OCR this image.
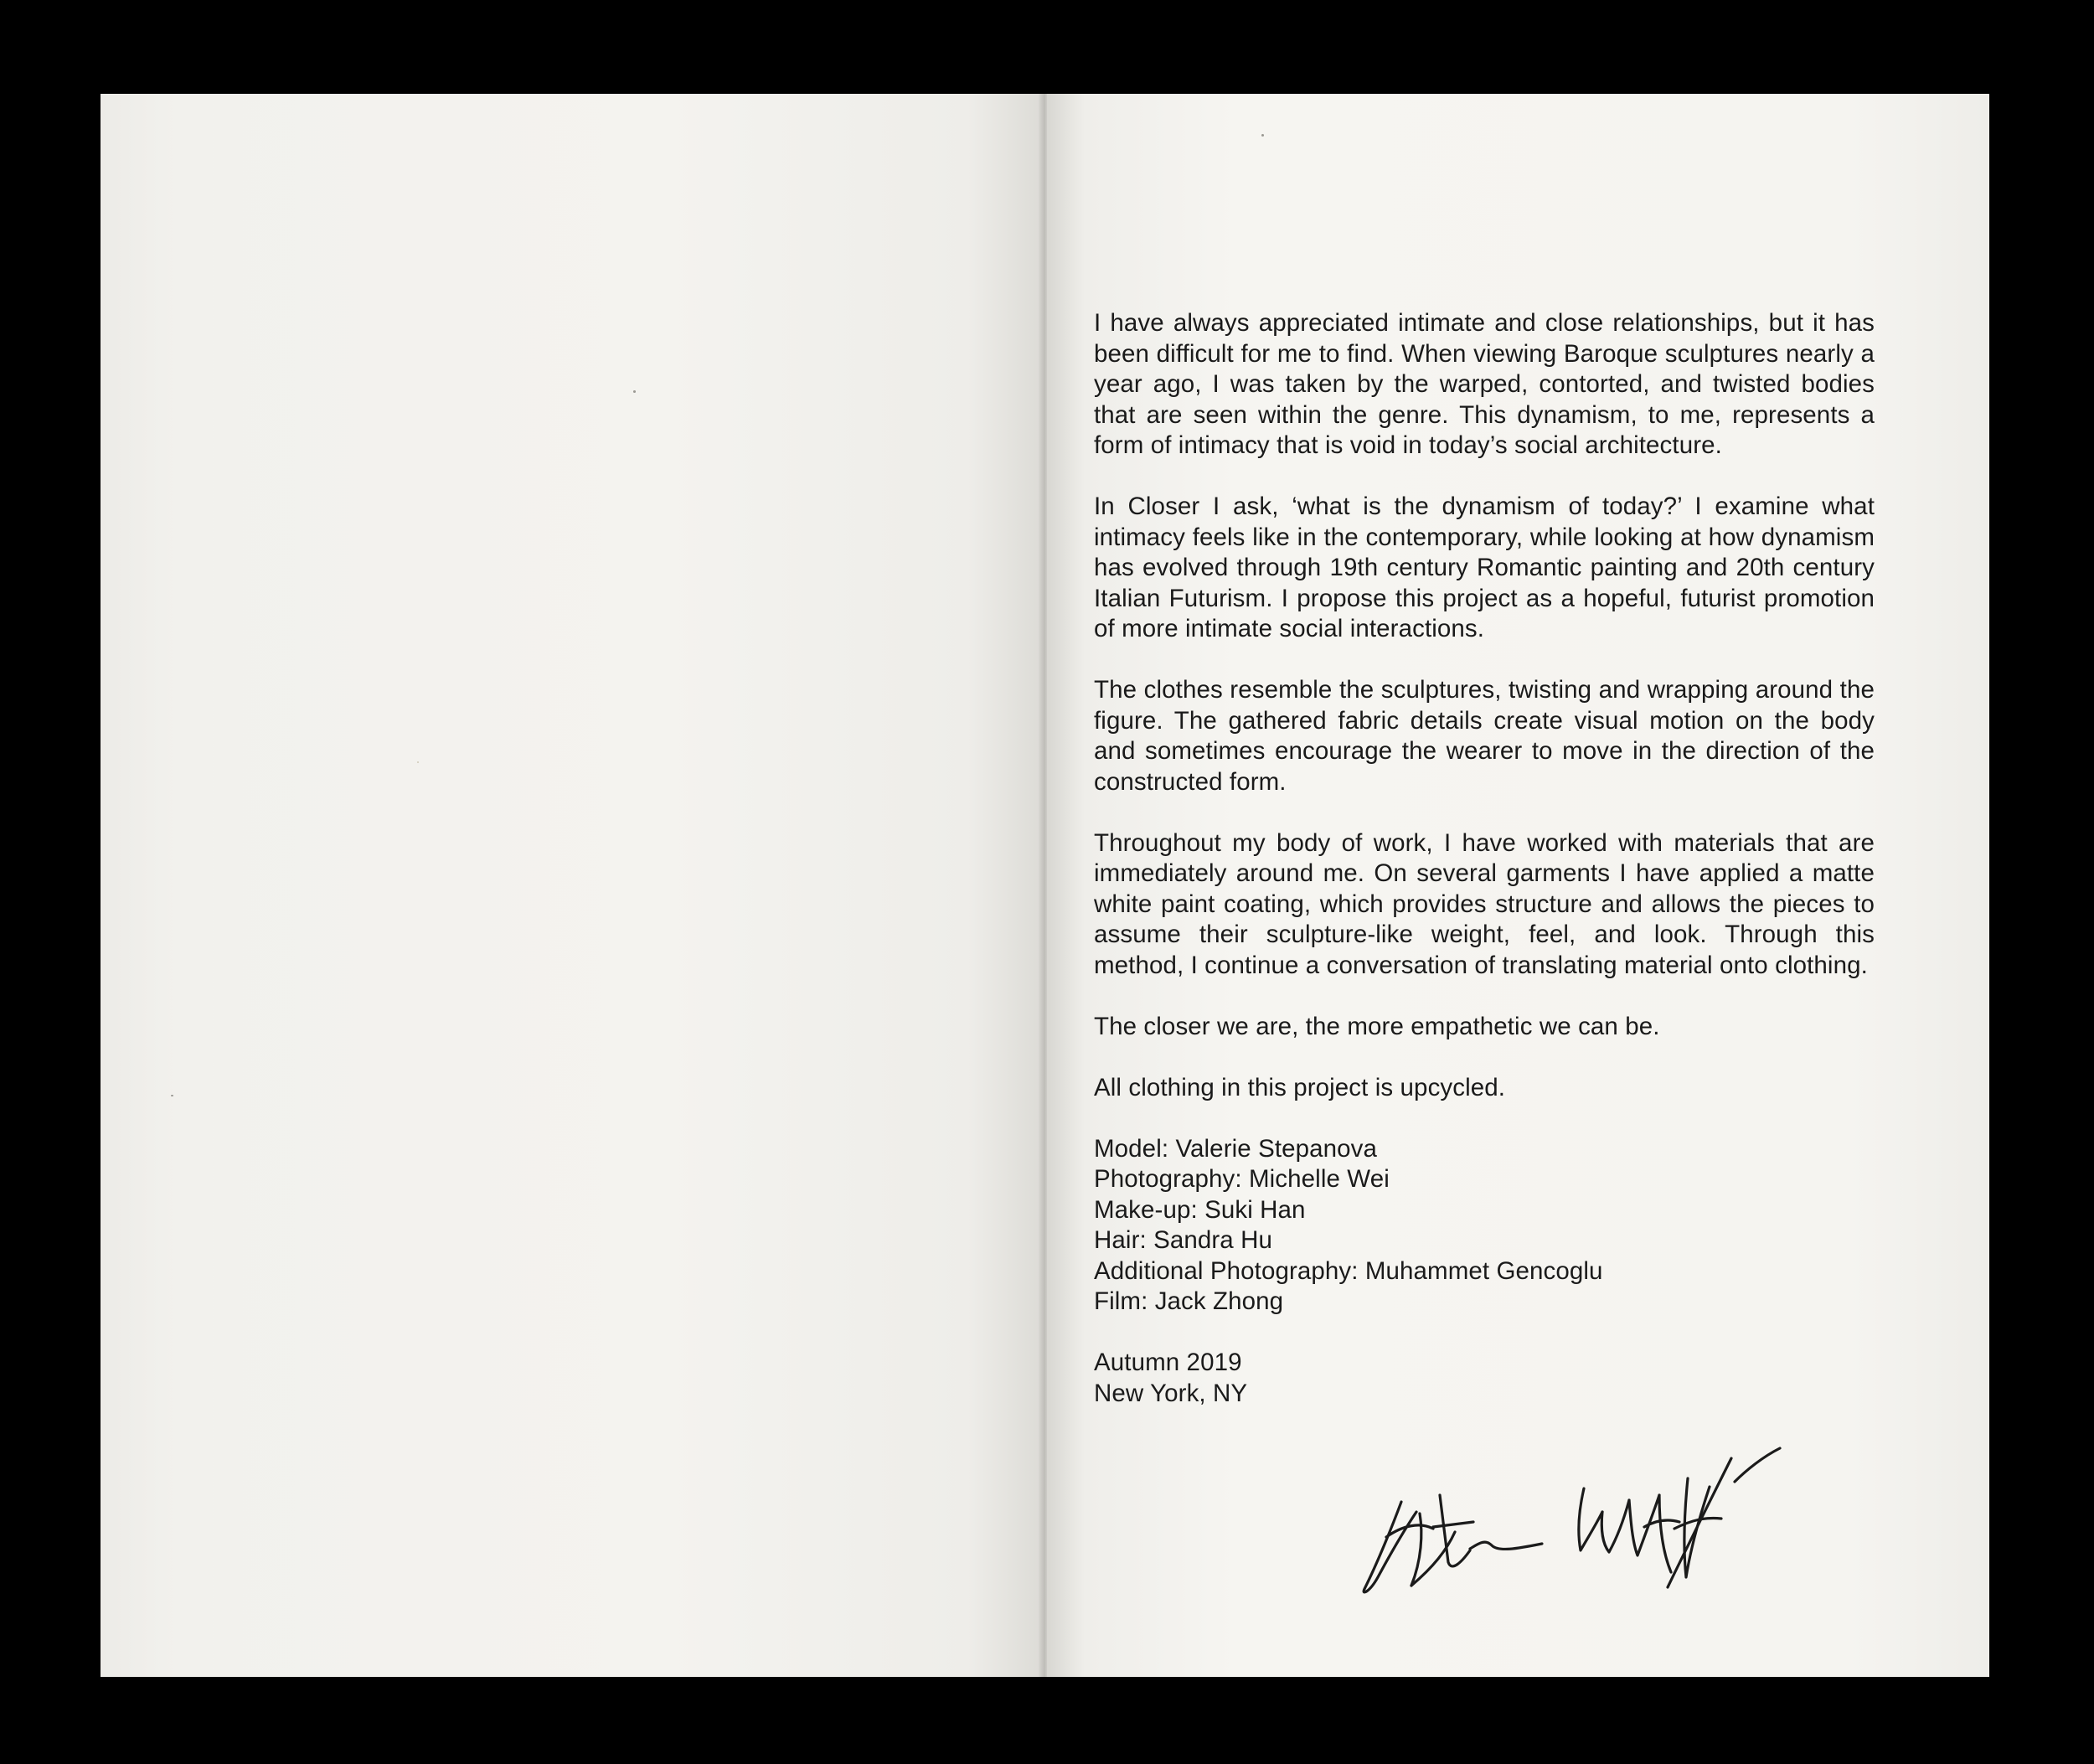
I have always appreciated intimate and close relationships, but it has been difficult for me to find. When viewing Baroque sculptures nearly a year ago, I was taken by the warped, contorted, and twisted bodies that are seen within the genre. This dynamism, to me, represents a form of intimacy that is void in today’s social architecture.

In Closer I ask, ‘what is the dynamism of today?’ I examine what intimacy feels like in the contemporary, while looking at how dynamism has evolved through 19th century Romantic painting and 20th century Italian Futurism. I propose this project as a hopeful, futurist promotion of more intimate social interactions.

The clothes resemble the sculptures, twisting and wrapping around the figure. The gathered fabric details create visual motion on the body and sometimes encourage the wearer to move in the direction of the constructed form.

Throughout my body of work, I have worked with materials that are immediately around me. On several garments I have applied a matte white paint coating, which provides structure and allows the pieces to assume their sculpture-like weight, feel, and look. Through this method, I continue a conversation of translating material onto clothing.

The closer we are, the more empathetic we can be.

All clothing in this project is upcycled.

Model: Valerie Stepanova
Photography: Michelle Wei
Make-up: Suki Han
Hair: Sandra Hu
Additional Photography: Muhammet Gencoglu
Film: Jack Zhong
Autumn 2019
New York, NY
